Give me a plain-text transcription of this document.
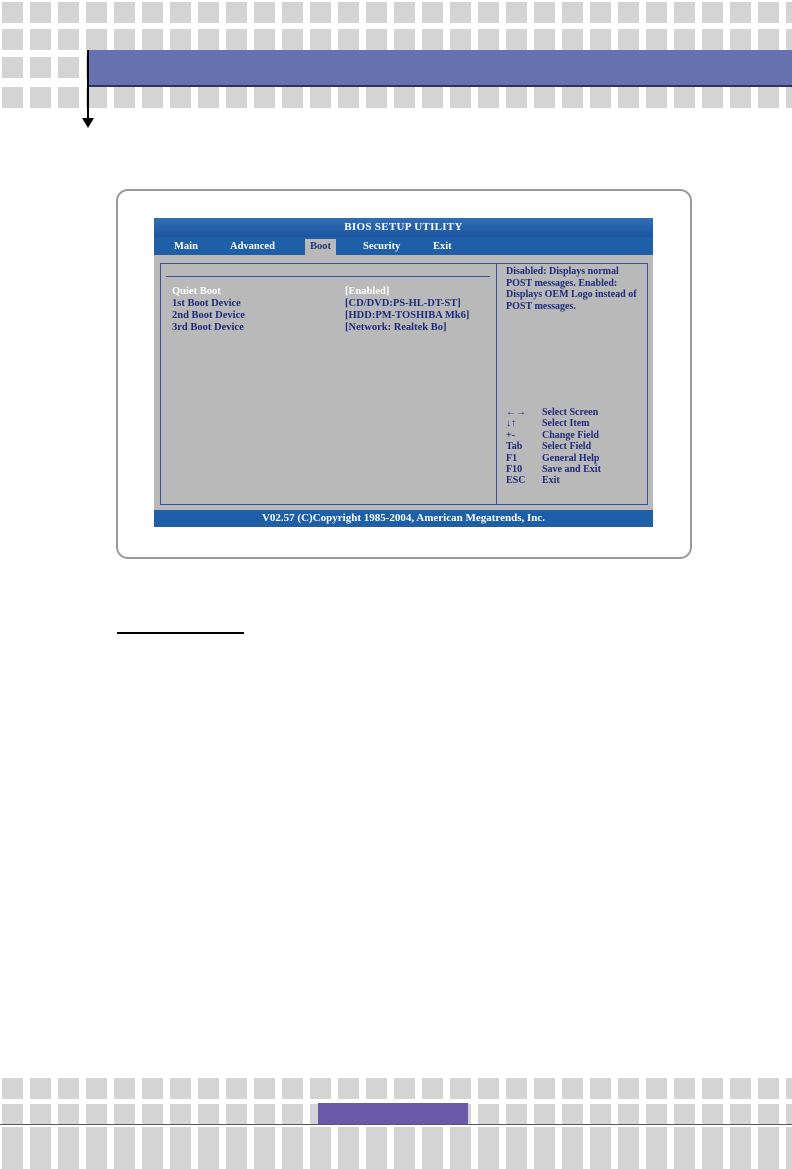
BIOS SETUP UTILITY
Main	Advanced	Boot	Security	Exit
Quiet Boot	[Enabled]
1st Boot Device	[CD/DVD:PS-HL-DT-ST]
2nd Boot Device	[HDD:PM-TOSHIBA Mk6]
3rd Boot Device	[Network: Realtek Bo]
Disabled: Displays normal POST messages. Enabled: Displays OEM Logo instead of POST messages.
←→	Select Screen
↓↑	Select Item
+-	Change Field
Tab	Select Field
F1	General Help
F10	Save and Exit
ESC	Exit
V02.57 (C)Copyright 1985-2004, American Megatrends, Inc.
